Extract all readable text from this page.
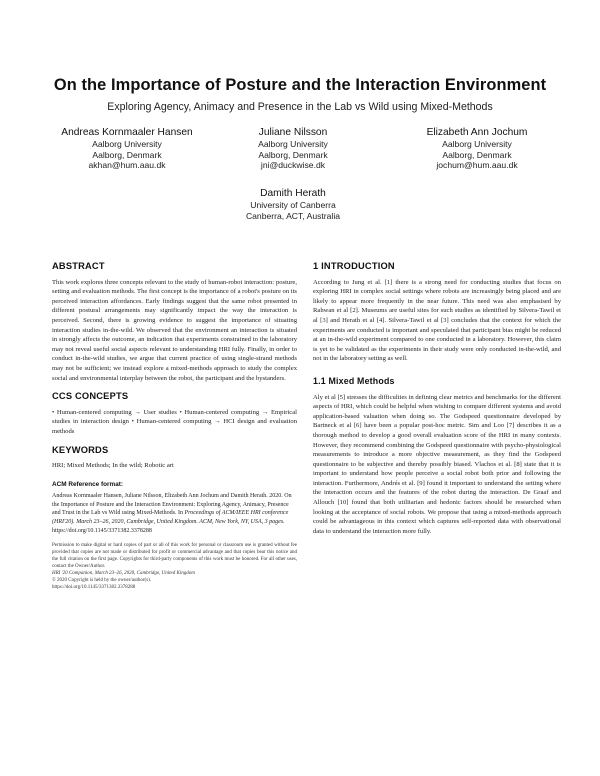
On the Importance of Posture and the Interaction Environment
Exploring Agency, Animacy and Presence in the Lab vs Wild using Mixed-Methods
Andreas Kornmaaler Hansen
Aalborg University
Aalborg, Denmark
akhan@hum.aau.dk
Juliane Nilsson
Aalborg University
Aalborg, Denmark
jni@duckwise.dk
Elizabeth Ann Jochum
Aalborg University
Aalborg, Denmark
jochum@hum.aau.dk
Damith Herath
University of Canberra
Canberra, ACT, Australia
ABSTRACT

This work explores three concepts relevant to the study of human-robot interaction: posture, setting and evaluation methods. The first concept is the importance of a robot's posture on its perceived interaction affordances. Early findings suggest that the same robot presented in different postural arrangements may significantly impact the way the interaction is perceived. Second, there is growing evidence to suggest the importance of situating interaction studies in-the-wild. We observed that the environment an interaction is situated in strongly affects the outcome, an indication that experiments constrained to the laboratory may not reveal useful social aspects relevant to understanding HRI fully. Finally, in order to conduct in-the-wild studies, we argue that current practice of using single-strand methods may not be sufficient; we instead explore a mixed-methods approach to study the complex social and environmental interplay between the robot, the participant and the bystanders.

CCS CONCEPTS

• Human-centered computing → User studies • Human-centered computing → Empirical studies in interaction design • Human-centered computing → HCI design and evaluation methods

KEYWORDS

HRI; Mixed Methods; In the wild; Robotic art

ACM Reference format:

Andreas Kornmaaler Hansen, Juliane Nilsson, Elizabeth Ann Jochum and Damith Herath. 2020. On the Importance of Posture and the Interaction Environment: Exploring Agency, Animacy, Presence and Trust in the Lab vs Wild using Mixed-Methods. In Proceedings of ACM/IEEE HRI conference (HRI'20). March 23–26, 2020, Cambridge, United Kingdom. ACM, New York, NY, USA, 3 pages. https://doi.org/10.1145/3371382.3378288

Permission to make digital or hard copies of part or all of this work for personal or classroom use is granted without fee provided that copies are not made or distributed for profit or commercial advantage and that copies bear this notice and the full citation on the first page. Copyrights for third-party components of this work must be honored. For all other uses, contact the Owner/Author.

HRI '20 Companion, March 23–26, 2020, Cambridge, United Kingdom
© 2020 Copyright is held by the owner/author(s).
https://doi.org/10.1145/3371382.3378288
1 INTRODUCTION

According to Jung et al. [1] there is a strong need for conducting studies that focus on exploring HRI in complex social settings where robots are increasingly being placed and are likely to appear more frequently in the near future. This need was also emphasised by Rahwan et al [2]. Museums are useful sites for such studies as identified by Silvera-Tawil et al [3] and Herath et al [4]. Silvera-Tawil et al [3] concludes that the context for which the experiments are conducted is important and speculated that participant bias might be reduced at an in-the-wild experiment compared to one conducted in a laboratory. However, this claim is yet to be validated as the experiments in their study were only conducted in-the-wild, and not in the laboratory setting as well.

1.1 Mixed Methods

Aly et al [5] stresses the difficulties in defining clear metrics and benchmarks for the different aspects of HRI, which could be helpful when wishing to compare different systems and avoid application-based valuation when doing so. The Godspeed questionnaire developed by Bartneck et al [6] have been a popular post-hoc metric. Sim and Loo [7] describes it as a thorough method to develop a good overall evaluation score of the HRI in many contexts. However, they recommend combining the Godspeed questionnaire with psycho-physiological measurements to introduce a more objective measurement, as they find the Godspeed questionnaire to be subjective and thereby possibly biased. Vlachos et al. [8] state that it is important to understand how people perceive a social robot both prior and following the interaction. Furthermore, Andrés et al. [9] found it important to understand the setting where the interaction occurs and the features of the robot during the interaction. De Graaf and Allouch [10] found that both utilitarian and hedonic factors should be researched when looking at the acceptance of social robots. We propose that using a mixed-methods approach could be advantageous in this context which captures self-reported data with observational data to understand the interaction more fully.
